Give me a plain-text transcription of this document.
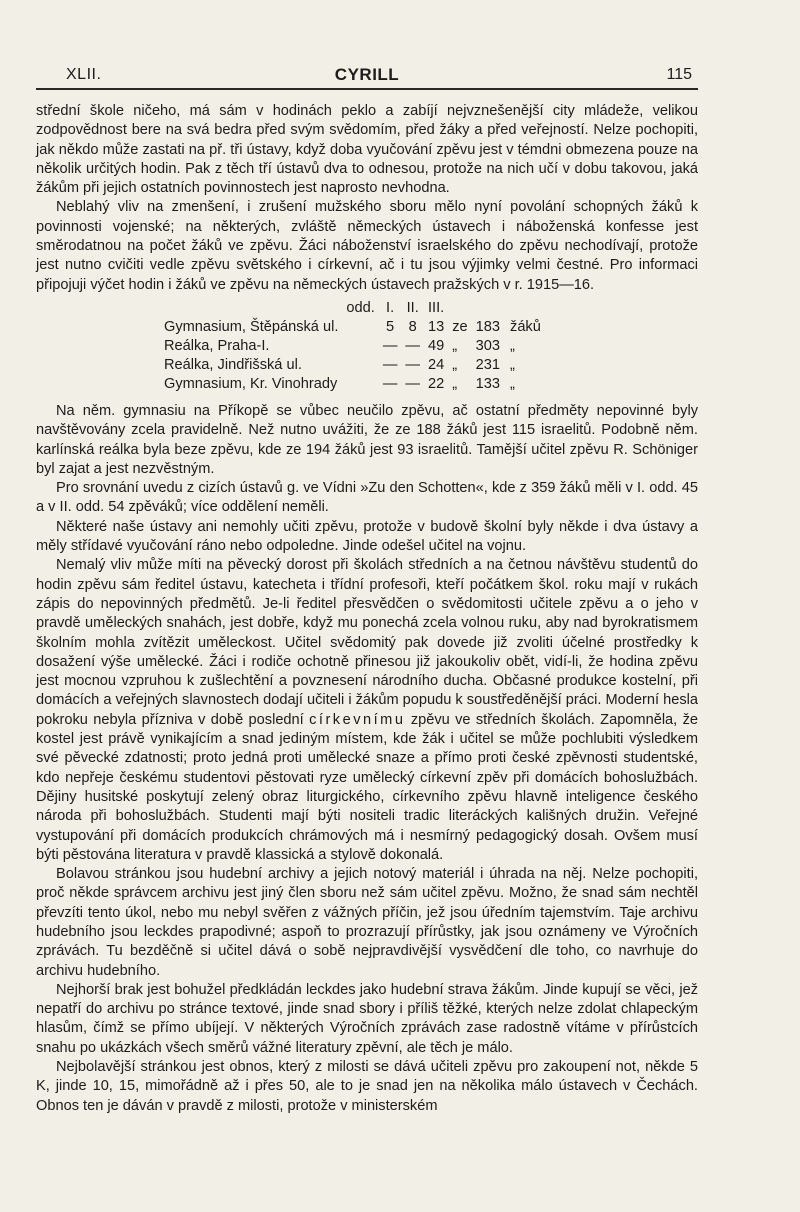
XLII.	CYRILL	115

střední škole ničeho, má sám v hodinách peklo a zabíjí nejvznešenější city mládeže, velikou zodpovědnost bere na svá bedra před svým svědomím, před žáky a před veřejností. Nelze pochopiti, jak někdo může zastati na př. tři ústavy, když doba vyučování zpěvu jest v témdni obmezena pouze na několik určitých hodin. Pak z těch tří ústavů dva to odnesou, protože na nich učí v dobu takovou, jaká žákům při jejich ostatních povinnostech jest naprosto nevhodna.

Neblahý vliv na zmenšení, i zrušení mužského sboru mělo nyní povolání schopných žáků k povinnosti vojenské; na některých, zvláště německých ústavech i náboženská konfesse jest směrodatnou na počet žáků ve zpěvu. Žáci náboženství israelského do zpěvu nechodívají, protože jest nutno cvičiti vedle zpěvu světského i církevní, ač i tu jsou výjimky velmi čestné. Pro informaci připojuji výčet hodin i žáků ve zpěvu na německých ústavech pražských v r. 1915—16.

	odd.	I.	II.	III.			
Gymnasium, Štěpánská ul.		5	8	13	ze	183	žáků
Reálka, Praha-I.		—	—	49	„	303	„
Reálka, Jindřišská ul.		—	—	24	„	231	„
Gymnasium, Kr. Vinohrady		—	—	22	„	133	„

Na něm. gymnasiu na Příkopě se vůbec neučilo zpěvu, ač ostatní předměty nepovinné byly navštěvovány zcela pravidelně. Než nutno uvážiti, že ze 188 žáků jest 115 israelitů. Podobně něm. karlínská reálka byla beze zpěvu, kde ze 194 žáků jest 93 israelitů. Tamější učitel zpěvu R. Schöniger byl zajat a jest nezvěstným.

Pro srovnání uvedu z cizích ústavů g. ve Vídni »Zu den Schotten«, kde z 359 žáků měli v I. odd. 45 a v II. odd. 54 zpěváků; více oddělení neměli.

Některé naše ústavy ani nemohly učiti zpěvu, protože v budově školní byly někde i dva ústavy a měly střídavé vyučování ráno nebo odpoledne. Jinde odešel učitel na vojnu.

Nemalý vliv může míti na pěvecký dorost při školách středních a na četnou návštěvu studentů do hodin zpěvu sám ředitel ústavu, katecheta i třídní profesoři, kteří počátkem škol. roku mají v rukách zápis do nepovinných předmětů. Je-li ředitel přesvědčen o svědomitosti učitele zpěvu a o jeho v pravdě uměleckých snahách, jest dobře, když mu ponechá zcela volnou ruku, aby nad byrokratismem školním mohla zvítězit uměleckost. Učitel svědomitý pak dovede již zvoliti účelné prostředky k dosažení výše umělecké. Žáci i rodiče ochotně přinesou již jakoukoliv obět, vidí-li, že hodina zpěvu jest mocnou vzpruhou k zušlechtění a povznesení národního ducha. Občasné produkce kostelní, při domácích a veřejných slavnostech dodají učiteli i žákům popudu k soustředěnější práci. Moderní hesla pokroku nebyla přízniva v době poslední církevnímu zpěvu ve středních školách. Zapomněla, že kostel jest právě vynikajícím a snad jediným místem, kde žák i učitel se může pochlubiti výsledkem své pěvecké zdatnosti; proto jedná proti umělecké snaze a přímo proti české zpěvnosti studentské, kdo nepřeje českému studentovi pěstovati ryze umělecký církevní zpěv při domácích bohoslužbách. Dějiny husitské poskytují zelený obraz liturgického, církevního zpěvu hlavně inteligence českého národa při bohoslužbách. Studenti mají býti nositeli tradic literáckých kališných družin. Veřejné vystupování při domácích produkcích chrámových má i nesmírný pedagogický dosah. Ovšem musí býti pěstována literatura v pravdě klassická a stylově dokonalá.

Bolavou stránkou jsou hudební archivy a jejich notový materiál i úhrada na něj. Nelze pochopiti, proč někde správcem archivu jest jiný člen sboru než sám učitel zpěvu. Možno, že snad sám nechtěl převzíti tento úkol, nebo mu nebyl svěřen z vážných příčin, jež jsou úředním tajemstvím. Taje archivu hudebního jsou leckdes prapodivné; aspoň to prozrazují přírůstky, jak jsou oznámeny ve Výročních zprávách. Tu bezděčně si učitel dává o sobě nejpravdivější vysvědčení dle toho, co navrhuje do archivu hudebního.

Nejhorší brak jest bohužel předkládán leckdes jako hudební strava žákům. Jinde kupují se věci, jež nepatří do archivu po stránce textové, jinde snad sbory i příliš těžké, kterých nelze zdolat chlapeckým hlasům, čímž se přímo ubíjejí. V některých Výročních zprávách zase radostně vítáme v přírůstcích snahu po ukázkách všech směrů vážné literatury zpěvní, ale těch je málo.

Nejbolavější stránkou jest obnos, který z milosti se dává učiteli zpěvu pro zakoupení not, někde 5 K, jinde 10, 15, mimořádně až i přes 50, ale to je snad jen na několika málo ústavech v Čechách. Obnos ten je dáván v pravdě z milosti, protože v ministerském
